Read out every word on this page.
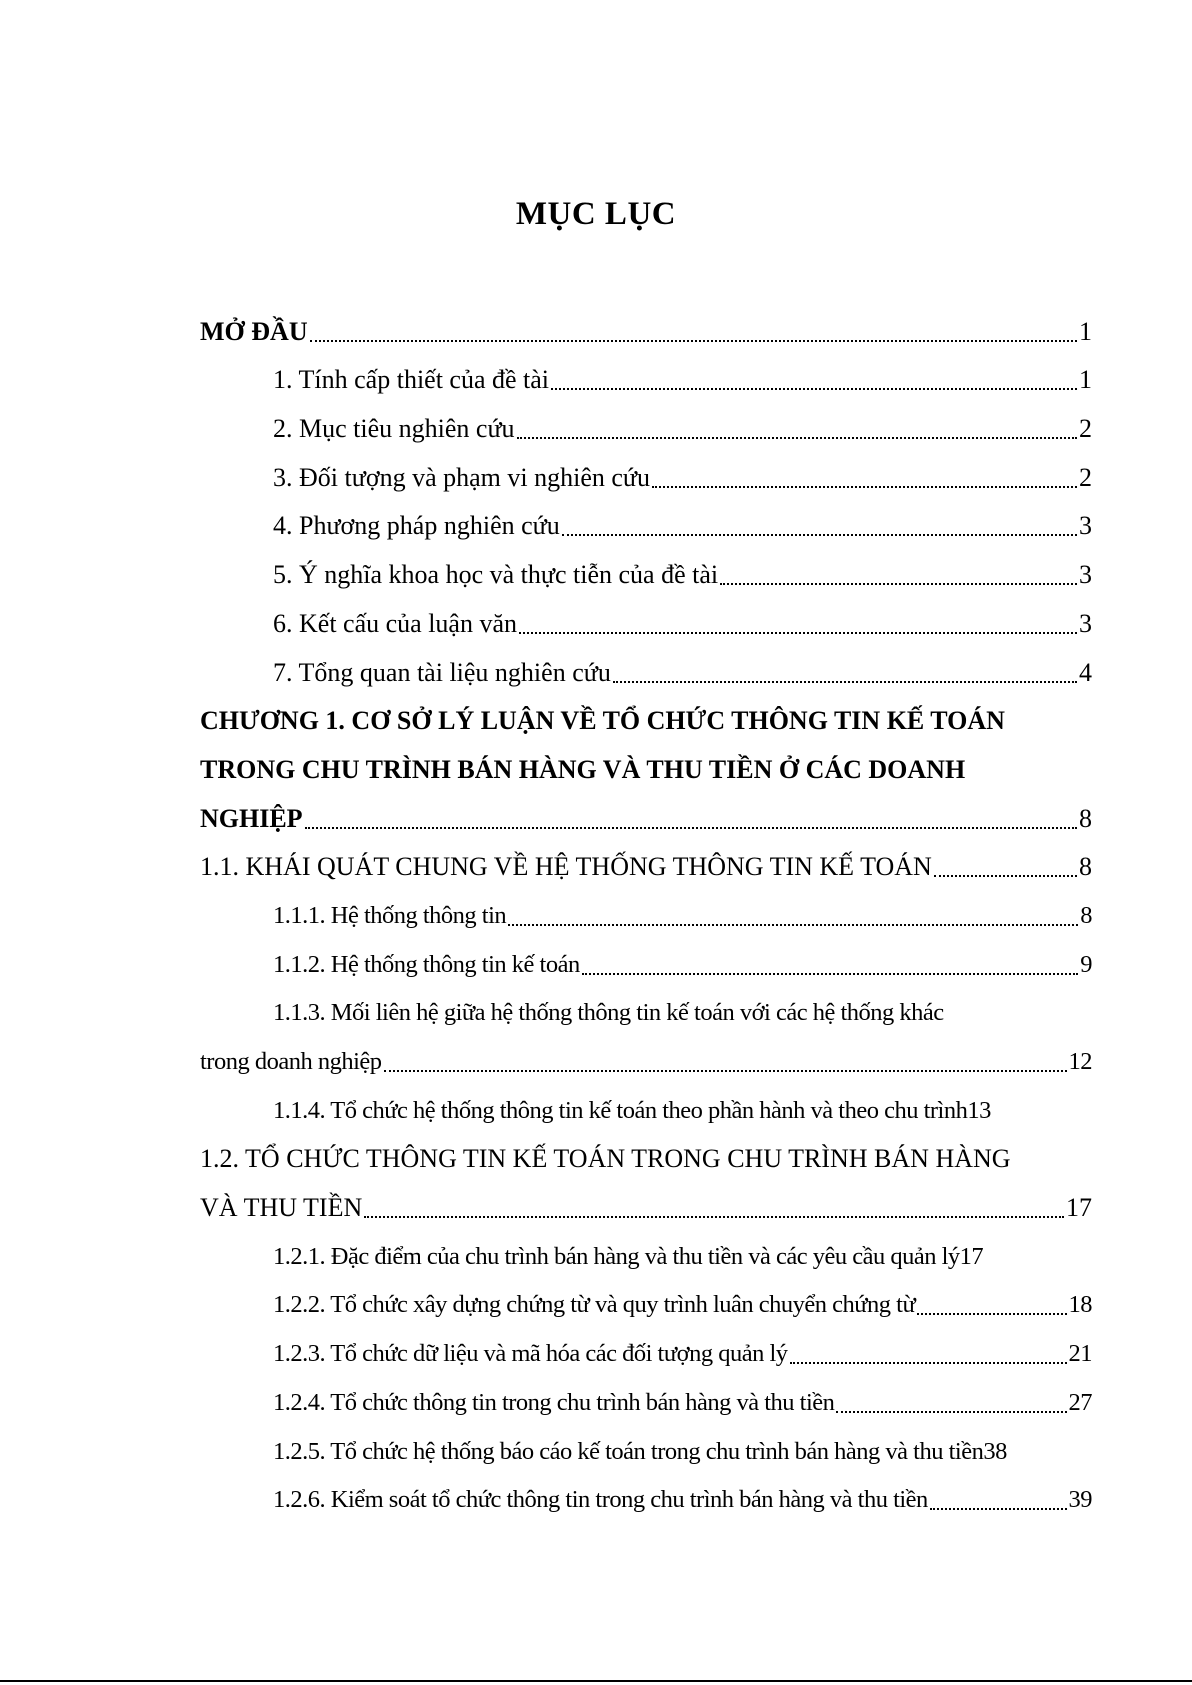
MỤC LỤC
MỞ ĐẦU	1
1. Tính cấp thiết của đề tài	1
2. Mục tiêu nghiên cứu	2
3. Đối tượng và phạm vi nghiên cứu	2
4. Phương pháp nghiên cứu	3
5. Ý nghĩa khoa học và thực tiễn của đề tài	3
6. Kết cấu của luận văn	3
7. Tổng quan tài liệu nghiên cứu	4
CHƯƠNG 1. CƠ SỞ LÝ LUẬN VỀ TỔ CHỨC THÔNG TIN KẾ TOÁN
TRONG CHU TRÌNH BÁN HÀNG VÀ THU TIỀN Ở CÁC DOANH
NGHIỆP	8
1.1. KHÁI QUÁT CHUNG VỀ HỆ THỐNG THÔNG TIN KẾ TOÁN	8
1.1.1. Hệ thống thông tin	8
1.1.2. Hệ thống thông tin kế toán	9
1.1.3. Mối liên hệ giữa hệ thống thông tin kế toán với các hệ thống khác
trong doanh nghiệp	12
1.1.4. Tổ chức hệ thống thông tin kế toán theo phần hành và theo chu trình 13
1.2. TỔ CHỨC THÔNG TIN KẾ TOÁN TRONG CHU TRÌNH BÁN HÀNG
VÀ THU TIỀN	17
1.2.1. Đặc điểm của chu trình bán hàng và thu tiền và các yêu cầu quản lý 17
1.2.2. Tổ chức xây dựng chứng từ và quy trình luân chuyển chứng từ	18
1.2.3. Tổ chức dữ liệu và mã hóa các đối tượng quản lý	21
1.2.4. Tổ chức thông tin trong chu trình bán hàng và thu tiền	27
1.2.5. Tổ chức hệ thống báo cáo kế toán trong chu trình bán hàng và thu tiền 38
1.2.6. Kiểm soát tổ chức thông tin trong chu trình bán hàng và thu tiền	39
